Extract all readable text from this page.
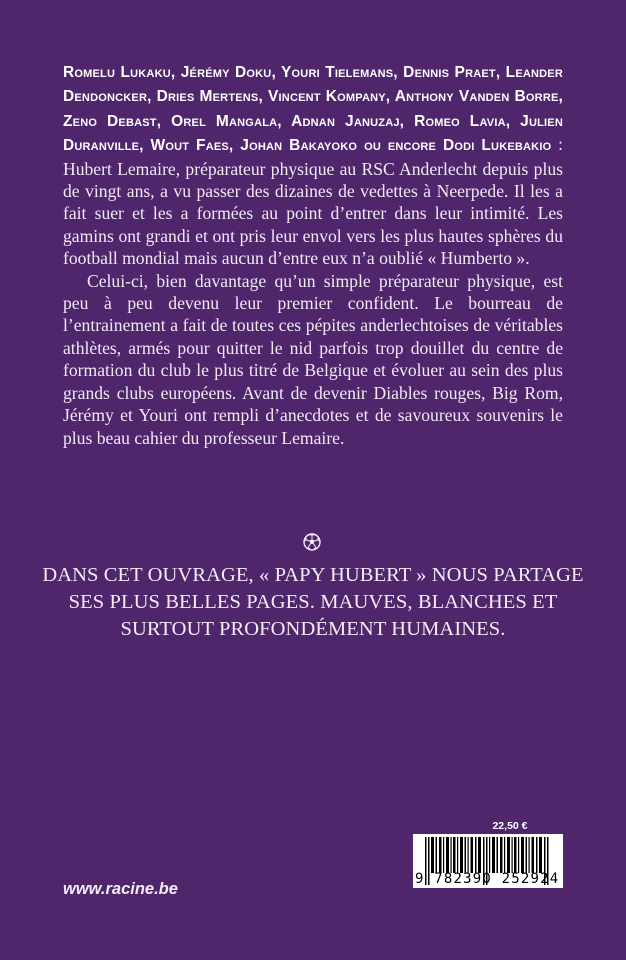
Romelu Lukaku, Jérémy Doku, Youri Tielemans, Dennis Praet, Leander Dendoncker, Dries Mertens, Vincent Kompany, Anthony Vanden Borre, Zeno Debast, Orel Mangala, Adnan Januzaj, Romeo Lavia, Julien Duranville, Wout Faes, Johan Bakayoko ou encore Dodi Lukebakio : Hubert Lemaire, préparateur physique au RSC Anderlecht depuis plus de vingt ans, a vu passer des dizaines de vedettes à Neerpede. Il les a fait suer et les a formées au point d’entrer dans leur intimité. Les gamins ont grandi et ont pris leur envol vers les plus hautes sphères du football mondial mais aucun d’entre eux n’a oublié « Humberto ».

Celui-ci, bien davantage qu’un simple préparateur physique, est peu à peu devenu leur premier confident. Le bourreau de l’entrainement a fait de toutes ces pépites anderlechtoises de véritables athlètes, armés pour quitter le nid parfois trop douillet du centre de formation du club le plus titré de Belgique et évoluer au sein des plus grands clubs européens. Avant de devenir Diables rouges, Big Rom, Jérémy et Youri ont rempli d’anecdotes et de savoureux souvenirs le plus beau cahier du professeur Lemaire.

DANS CET OUVRAGE, « PAPY HUBERT » NOUS PARTAGE SES PLUS BELLES PAGES. MAUVES, BLANCHES ET SURTOUT PROFONDÉMENT HUMAINES.
www.racine.be
22,50 €
9 782390 252924
